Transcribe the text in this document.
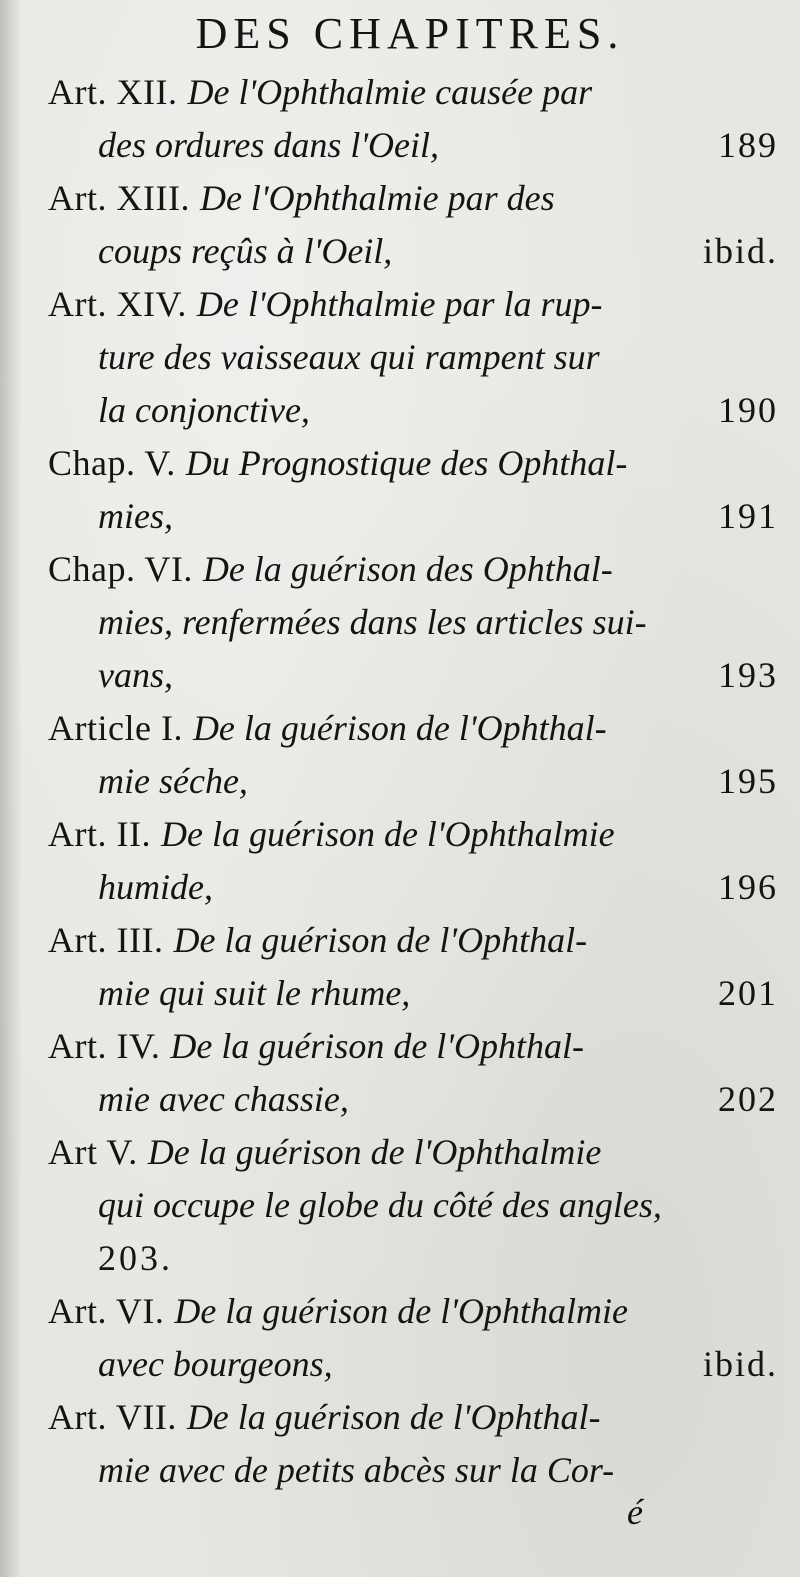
DES CHAPITRES.
Art. XII. De l'Ophthalmie causée par
des ordures dans l'Oeil,	189
Art. XIII. De l'Ophthalmie par des
coups reçûs à l'Oeil,	ibid.
Art. XIV. De l'Ophthalmie par la rup-
ture des vaisseaux qui rampent sur
la conjonctive,	190
Chap. V. Du Prognostique des Ophthal-
mies,	191
Chap. VI. De la guérison des Ophthal-
mies, renfermées dans les articles sui-
vans,	193
Article I. De la guérison de l'Ophthal-
mie séche,	195
Art. II. De la guérison de l'Ophthalmie
humide,	196
Art. III. De la guérison de l'Ophthal-
mie qui suit le rhume,	201
Art. IV. De la guérison de l'Ophthal-
mie avec chassie,	202
Art V. De la guérison de l'Ophthalmie
qui occupe le globe du côté des angles,
203.
Art. VI. De la guérison de l'Ophthalmie
avec bourgeons,	ibid.
Art. VII. De la guérison de l'Ophthal-
mie avec de petits abcès sur la Cor-
é
